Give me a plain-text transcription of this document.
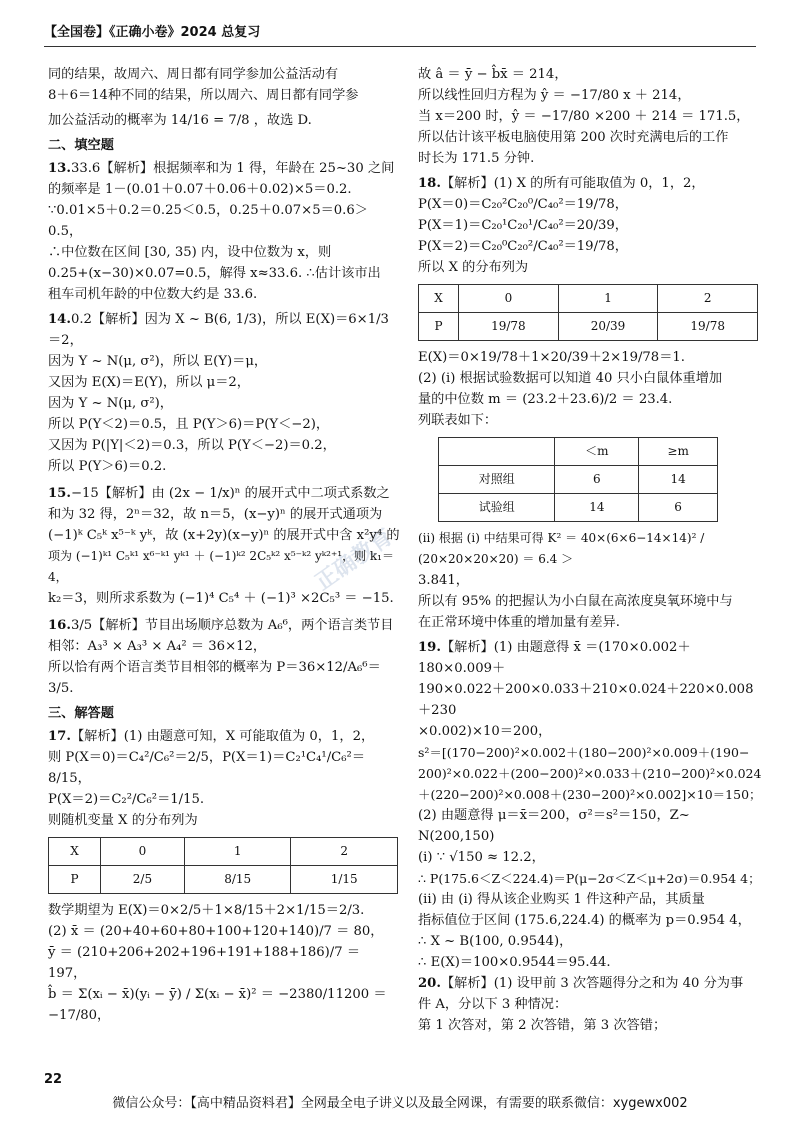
【全国卷】《正确小卷》2024 总复习
正确教育

同的结果，故周六、周日都有同学参加公益活动有

8＋6＝14种不同的结果，所以周六、周日都有同学参

加公益活动的概率为 14/16 = 7/8 ，故选 D.

二、填空题

13.33.6【解析】根据频率和为 1 得，年龄在 25~30 之间

的频率是 1－(0.01＋0.07＋0.06＋0.02)×5＝0.2.

∵0.01×5＋0.2＝0.25＜0.5，0.25＋0.07×5＝0.6＞0.5，

∴中位数在区间 [30, 35) 内，设中位数为 x，则

0.25+(x−30)×0.07=0.5，解得 x≈33.6. ∴估计该市出

租车司机年龄的中位数大约是 33.6.

14.0.2【解析】因为 X ~ B(6, 1/3)，所以 E(X)＝6×1/3＝2，

因为 Y ~ N(μ, σ²)，所以 E(Y)＝μ，

又因为 E(X)＝E(Y)，所以 μ＝2，

因为 Y ~ N(μ, σ²)，

所以 P(Y＜2)＝0.5，且 P(Y＞6)＝P(Y＜−2)，

又因为 P(|Y|＜2)＝0.3，所以 P(Y＜−2)＝0.2，

所以 P(Y＞6)＝0.2.

15.−15【解析】由 (2x − 1/x)ⁿ 的展开式中二项式系数之

和为 32 得，2ⁿ＝32，故 n＝5，(x−y)ⁿ 的展开式通项为

(−1)ᵏ C₅ᵏ x⁵⁻ᵏ yᵏ，故 (x+2y)(x−y)ⁿ 的展开式中含 x²y⁴ 的

项为 (−1)ᵏ¹ C₅ᵏ¹ x⁶⁻ᵏ¹ yᵏ¹ ＋ (−1)ᵏ² 2C₅ᵏ² x⁵⁻ᵏ² yᵏ²⁺¹，则 k₁＝4，

k₂＝3，则所求系数为 (−1)⁴ C₅⁴ ＋ (−1)³ ×2C₅³ ＝ −15.

16.3/5【解析】节目出场顺序总数为 A₆⁶，两个语言类节目

相邻：A₃³ × A₃³ × A₄² ＝ 36×12，

所以恰有两个语言类节目相邻的概率为 P＝36×12/A₆⁶＝3/5.

三、解答题

17.【解析】(1) 由题意可知，X 可能取值为 0，1，2，

则 P(X＝0)＝C₄²/C₆²＝2/5，P(X＝1)＝C₂¹C₄¹/C₆²＝8/15，

P(X＝2)＝C₂²/C₆²＝1/15.

则随机变量 X 的分布列为

X	0	1	2
P	2/5	8/15	1/15

数学期望为 E(X)＝0×2/5＋1×8/15＋2×1/15＝2/3.

(2) x̄ ＝ (20+40+60+80+100+120+140)/7 ＝ 80，

ȳ ＝ (210+206+202+196+191+188+186)/7 ＝ 197，

b̂ ＝ Σ(xᵢ − x̄)(yᵢ − ȳ) / Σ(xᵢ − x̄)² ＝ −2380/11200 ＝ −17/80，

故 â ＝ ȳ − b̂x̄ ＝ 214，

所以线性回归方程为 ŷ ＝ −17/80 x ＋ 214，

当 x＝200 时，ŷ ＝ −17/80 ×200 ＋ 214 ＝ 171.5，

所以估计该平板电脑使用第 200 次时充满电后的工作

时长为 171.5 分钟.

18.【解析】(1) X 的所有可能取值为 0，1，2，

P(X＝0)＝C₂₀²C₂₀⁰/C₄₀²＝19/78，

P(X＝1)＝C₂₀¹C₂₀¹/C₄₀²＝20/39，

P(X＝2)＝C₂₀⁰C₂₀²/C₄₀²＝19/78，

所以 X 的分布列为

X	0	1	2
P	19/78	20/39	19/78

E(X)＝0×19/78＋1×20/39＋2×19/78＝1.

(2) (i) 根据试验数据可以知道 40 只小白鼠体重增加

量的中位数 m ＝ (23.2＋23.6)/2 ＝ 23.4.

列联表如下：

	＜m	≥m
对照组	6	14
试验组	14	6

(ii) 根据 (i) 中结果可得 K² ＝ 40×(6×6−14×14)² / (20×20×20×20) ＝ 6.4 ＞

3.841，

所以有 95% 的把握认为小白鼠在高浓度臭氧环境中与

在正常环境中体重的增加量有差异.

19.【解析】(1) 由题意得 x̄ ＝(170×0.002＋180×0.009＋

190×0.022＋200×0.033＋210×0.024＋220×0.008＋230

×0.002)×10＝200，

s²＝[(170−200)²×0.002＋(180−200)²×0.009＋(190−

200)²×0.022＋(200−200)²×0.033＋(210−200)²×0.024

＋(220−200)²×0.008＋(230−200)²×0.002]×10＝150；

(2) 由题意得 μ＝x̄＝200，σ²＝s²＝150，Z~

N(200,150)

(i) ∵ √150 ≈ 12.2，

∴ P(175.6＜Z＜224.4)＝P(μ−2σ＜Z＜μ+2σ)＝0.954 4；

(ii) 由 (i) 得从该企业购买 1 件这种产品，其质量

指标值位于区间 (175.6,224.4) 的概率为 p＝0.954 4，

∴ X ~ B(100, 0.9544)，

∴ E(X)＝100×0.9544＝95.44.

20.【解析】(1) 设甲前 3 次答题得分之和为 40 分为事

件 A，分以下 3 种情况：

第 1 次答对，第 2 次答错，第 3 次答错；

22
微信公众号：【高中精品资料君】全网最全电子讲义以及最全网课，有需要的联系微信：xygewx002
